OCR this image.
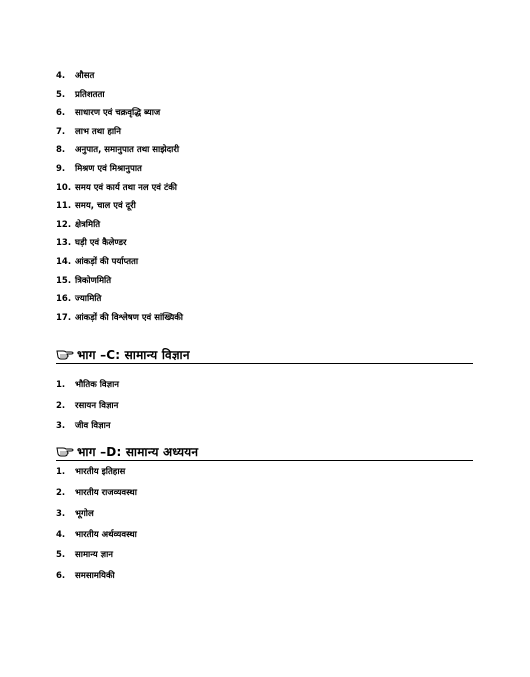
4.	औसत
5.	प्रतिशतता
6.	साधारण एवं चक्रवृद्धि ब्याज
7.	लाभ तथा हानि
8.	अनुपात, समानुपात तथा साझेदारी
9.	मिश्रण एवं मिश्रानुपात
10. समय एवं कार्य तथा नल एवं टंकी
11. समय, चाल एवं दूरी
12. क्षेत्रमिति
13. घड़ी एवं कैलेण्डर
14. आंकड़ों की पर्याप्तता
15. त्रिकोणमिति
16. ज्यामिति
17. आंकड़ों की विश्लेषण एवं सांख्यिकी
भाग –C: सामान्य विज्ञान
1.	भौतिक विज्ञान
2.	रसायन विज्ञान
3.	जीव विज्ञान
भाग –D: सामान्य अध्ययन
1.	भारतीय इतिहास
2.	भारतीय राजव्यवस्था
3.	भूगोल
4.	भारतीय अर्थव्यवस्था
5.	सामान्य ज्ञान
6.	समसामयिकी
